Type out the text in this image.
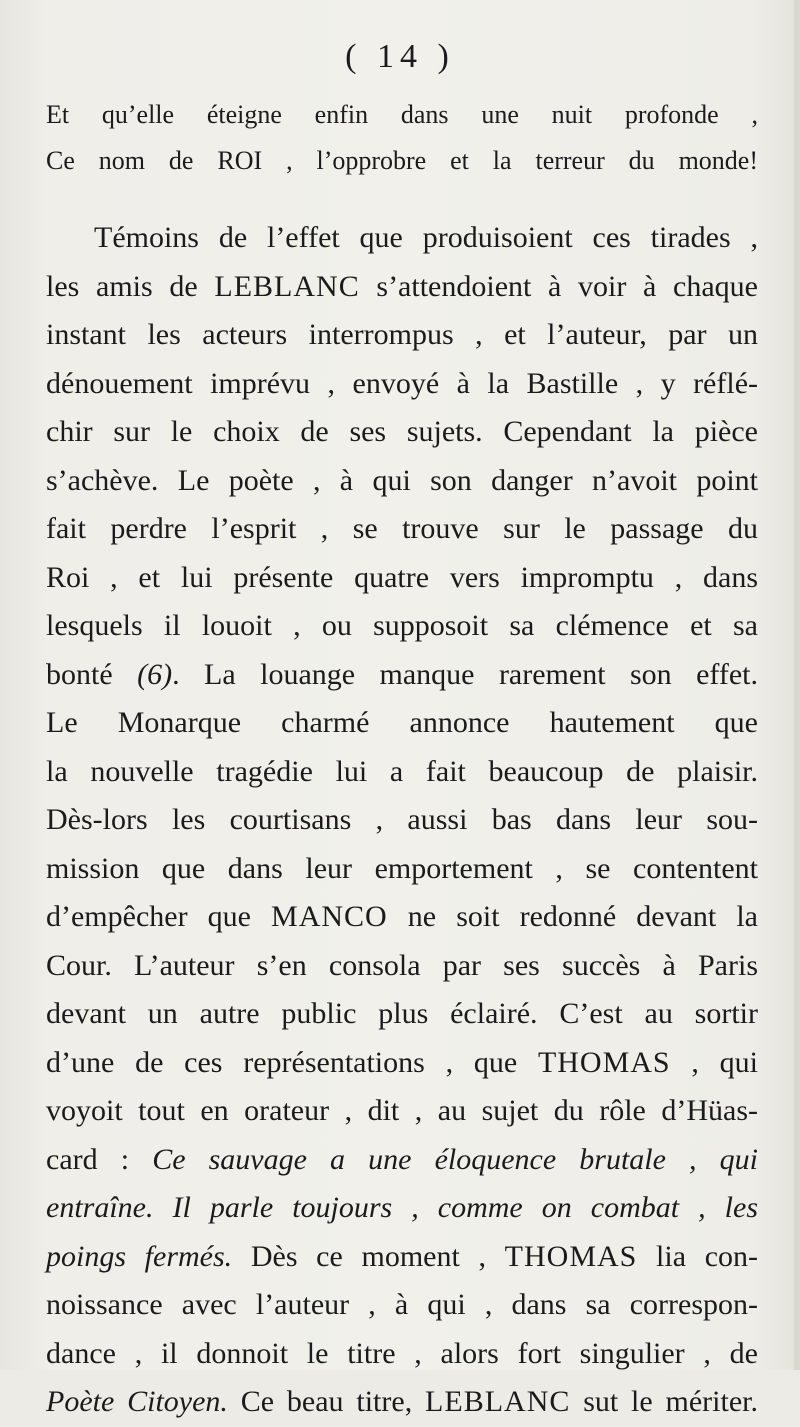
( 14 )
Et qu’elle éteigne enfin dans une nuit profonde ,
Ce nom de ROI , l’opprobre et la terreur du monde!
Témoins de l’effet que produisoient ces tirades ,
les amis de LEBLANC s’attendoient à voir à chaque
instant les acteurs interrompus , et l’auteur, par un
dénouement imprévu , envoyé à la Bastille , y réflé-
chir sur le choix de ses sujets. Cependant la pièce
s’achève. Le poète , à qui son danger n’avoit point
fait perdre l’esprit , se trouve sur le passage du
Roi , et lui présente quatre vers impromptu , dans
lesquels il louoit , ou supposoit sa clémence et sa
bonté (6). La louange manque rarement son effet.
Le Monarque charmé annonce hautement que
la nouvelle tragédie lui a fait beaucoup de plaisir.
Dès-lors les courtisans , aussi bas dans leur sou-
mission que dans leur emportement , se contentent
d’empêcher que MANCO ne soit redonné devant la
Cour. L’auteur s’en consola par ses succès à Paris
devant un autre public plus éclairé. C’est au sortir
d’une de ces représentations , que THOMAS , qui
voyoit tout en orateur , dit , au sujet du rôle d’Hüas-
card : Ce sauvage a une éloquence brutale , qui
entraîne. Il parle toujours , comme on combat , les
poings fermés. Dès ce moment , THOMAS lia con-
noissance avec l’auteur , à qui , dans sa correspon-
dance , il donnoit le titre , alors fort singulier , de
Poète Citoyen. Ce beau titre, LEBLANC sut le mériter.
